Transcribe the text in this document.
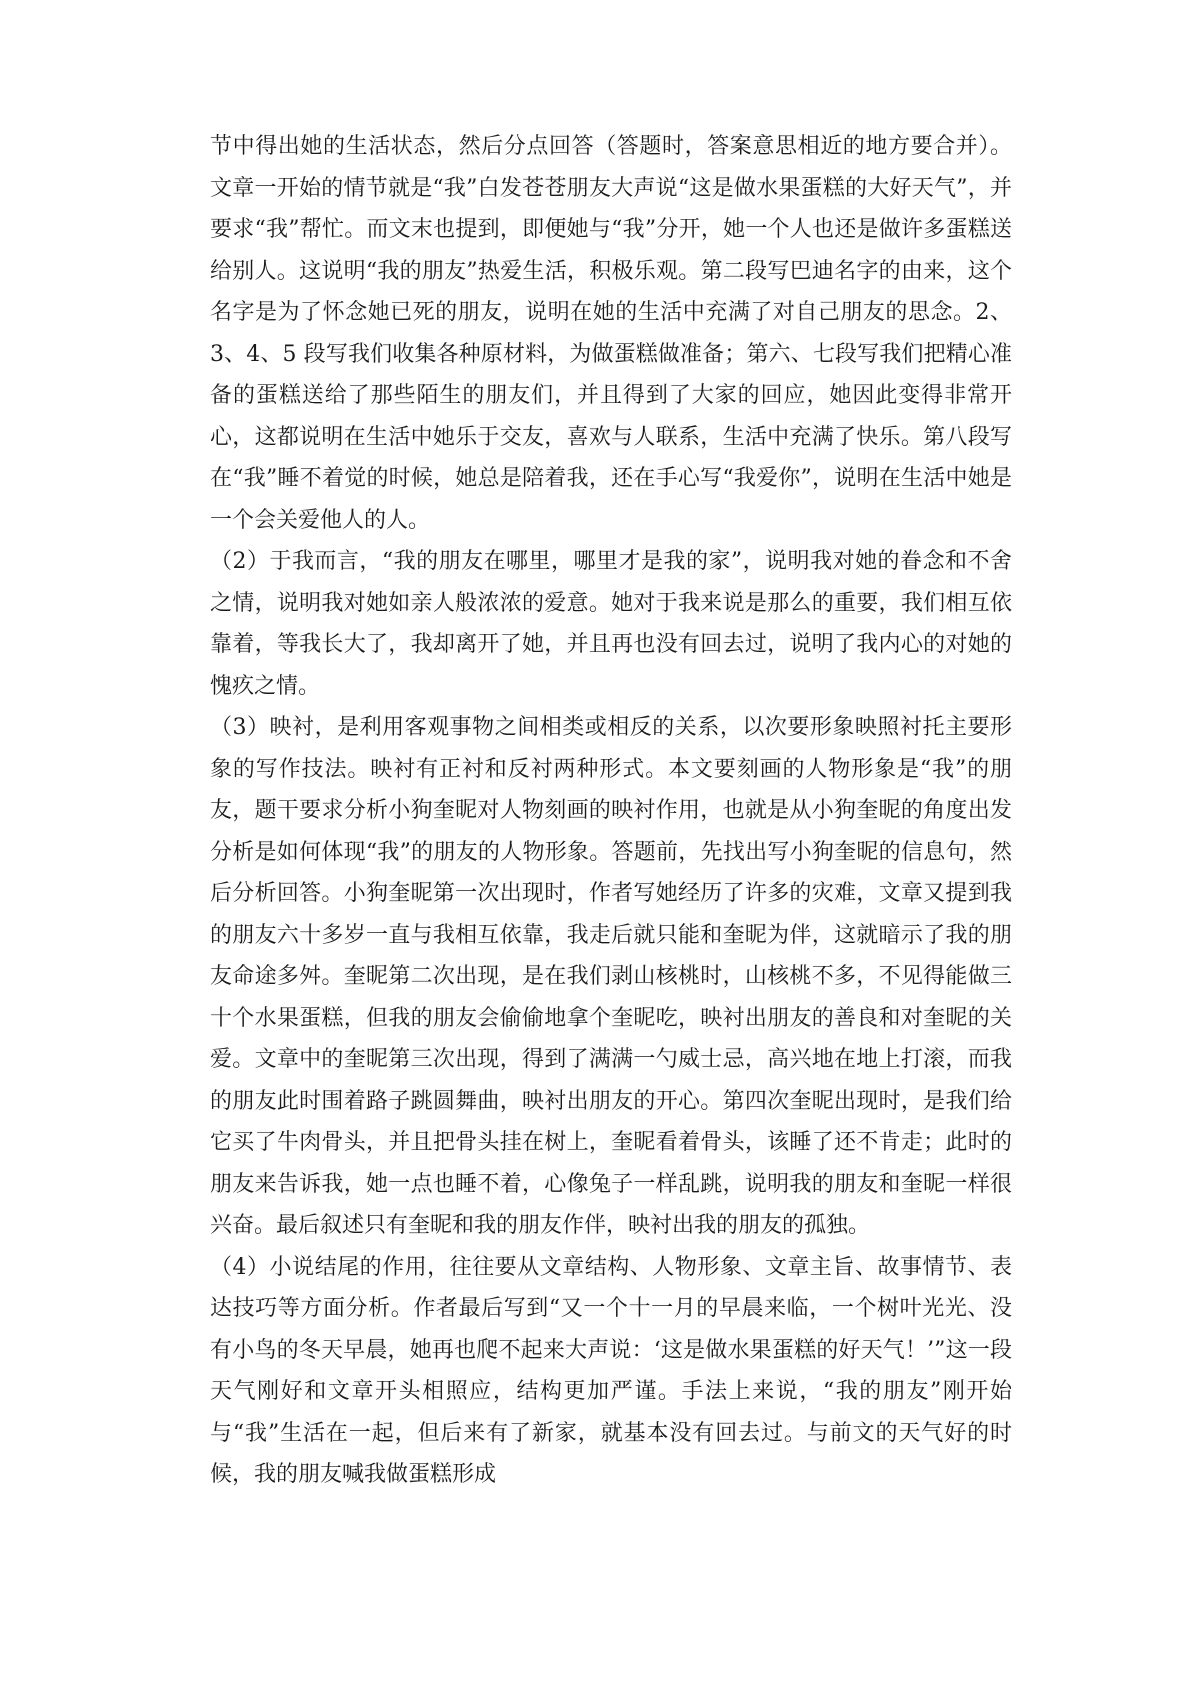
节中得出她的生活状态，然后分点回答（答题时，答案意思相近的地方要合并）。文章一开始的情节就是“我”白发苍苍朋友大声说“这是做水果蛋糕的大好天气”，并要求“我”帮忙。而文末也提到，即便她与“我”分开，她一个人也还是做许多蛋糕送给别人。这说明“我的朋友”热爱生活，积极乐观。第二段写巴迪名字的由来，这个名字是为了怀念她已死的朋友，说明在她的生活中充满了对自己朋友的思念。2、3、4、5 段写我们收集各种原材料，为做蛋糕做准备；第六、七段写我们把精心准备的蛋糕送给了那些陌生的朋友们，并且得到了大家的回应，她因此变得非常开心，这都说明在生活中她乐于交友，喜欢与人联系，生活中充满了快乐。第八段写在“我”睡不着觉的时候，她总是陪着我，还在手心写“我爱你”，说明在生活中她是一个会关爱他人的人。

（2）于我而言，“我的朋友在哪里，哪里才是我的家”，说明我对她的眷念和不舍之情，说明我对她如亲人般浓浓的爱意。她对于我来说是那么的重要，我们相互依靠着，等我长大了，我却离开了她，并且再也没有回去过，说明了我内心的对她的愧疚之情。

（3）映衬，是利用客观事物之间相类或相反的关系，以次要形象映照衬托主要形象的写作技法。映衬有正衬和反衬两种形式。本文要刻画的人物形象是“我”的朋友，题干要求分析小狗奎昵对人物刻画的映衬作用，也就是从小狗奎昵的角度出发分析是如何体现“我”的朋友的人物形象。答题前，先找出写小狗奎昵的信息句，然后分析回答。小狗奎昵第一次出现时，作者写她经历了许多的灾难，文章又提到我的朋友六十多岁一直与我相互依靠，我走后就只能和奎昵为伴，这就暗示了我的朋友命途多舛。奎昵第二次出现，是在我们剥山核桃时，山核桃不多，不见得能做三十个水果蛋糕，但我的朋友会偷偷地拿个奎昵吃，映衬出朋友的善良和对奎昵的关爱。文章中的奎昵第三次出现，得到了满满一勺威士忌，高兴地在地上打滚，而我的朋友此时围着路子跳圆舞曲，映衬出朋友的开心。第四次奎昵出现时，是我们给它买了牛肉骨头，并且把骨头挂在树上，奎昵看着骨头，该睡了还不肯走；此时的朋友来告诉我，她一点也睡不着，心像兔子一样乱跳，说明我的朋友和奎昵一样很兴奋。最后叙述只有奎昵和我的朋友作伴，映衬出我的朋友的孤独。

（4）小说结尾的作用，往往要从文章结构、人物形象、文章主旨、故事情节、表达技巧等方面分析。作者最后写到“又一个十一月的早晨来临，一个树叶光光、没有小鸟的冬天早晨，她再也爬不起来大声说：‘这是做水果蛋糕的好天气！’”这一段天气刚好和文章开头相照应，结构更加严谨。手法上来说，“我的朋友”刚开始与“我”生活在一起，但后来有了新家，就基本没有回去过。与前文的天气好的时候，我的朋友喊我做蛋糕形成
